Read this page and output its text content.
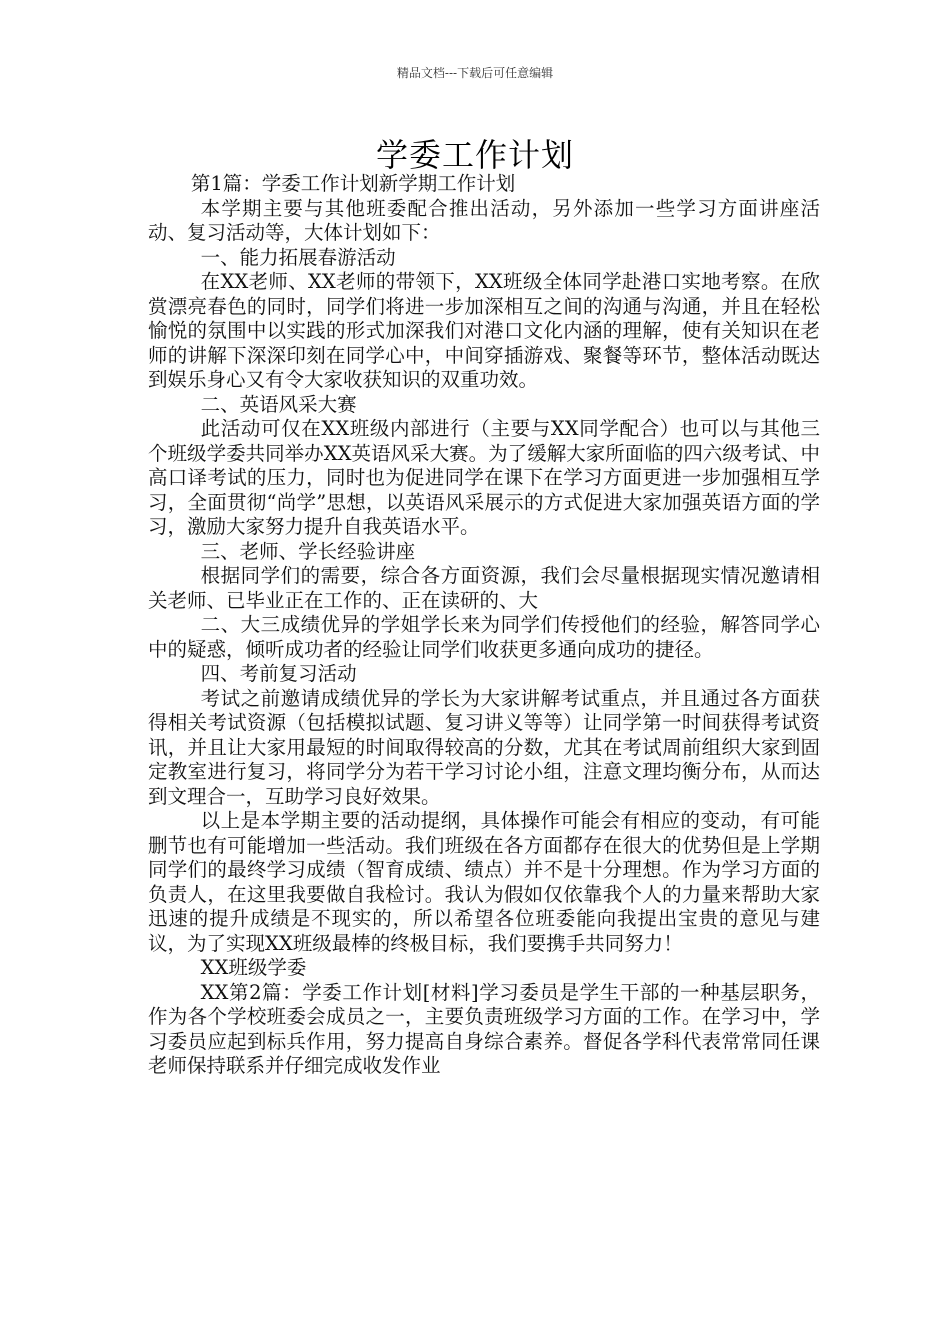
精品文档---下载后可任意编辑
学委工作计划

第1篇：学委工作计划新学期工作计划

本学期主要与其他班委配合推出活动，另外添加一些学习方面讲座活动、复习活动等，大体计划如下：

一、能力拓展春游活动

在XX老师、XX老师的带领下，XX班级全体同学赴港口实地考察。在欣赏漂亮春色的同时，同学们将进一步加深相互之间的沟通与沟通，并且在轻松愉悦的氛围中以实践的形式加深我们对港口文化内涵的理解，使有关知识在老师的讲解下深深印刻在同学心中，中间穿插游戏、聚餐等环节，整体活动既达到娱乐身心又有令大家收获知识的双重功效。

二、英语风采大赛

此活动可仅在XX班级内部进行（主要与XX同学配合）也可以与其他三个班级学委共同举办XX英语风采大赛。为了缓解大家所面临的四六级考试、中高口译考试的压力，同时也为促进同学在课下在学习方面更进一步加强相互学习，全面贯彻“尚学”思想，以英语风采展示的方式促进大家加强英语方面的学习，激励大家努力提升自我英语水平。

三、老师、学长经验讲座

根据同学们的需要，综合各方面资源，我们会尽量根据现实情况邀请相关老师、已毕业正在工作的、正在读研的、大

二、大三成绩优异的学姐学长来为同学们传授他们的经验，解答同学心中的疑惑，倾听成功者的经验让同学们收获更多通向成功的捷径。

四、考前复习活动

考试之前邀请成绩优异的学长为大家讲解考试重点，并且通过各方面获得相关考试资源（包括模拟试题、复习讲义等等）让同学第一时间获得考试资讯，并且让大家用最短的时间取得较高的分数，尤其在考试周前组织大家到固定教室进行复习，将同学分为若干学习讨论小组，注意文理均衡分布，从而达到文理合一，互助学习良好效果。

以上是本学期主要的活动提纲，具体操作可能会有相应的变动，有可能删节也有可能增加一些活动。我们班级在各方面都存在很大的优势但是上学期同学们的最终学习成绩（智育成绩、绩点）并不是十分理想。作为学习方面的负责人，在这里我要做自我检讨。我认为假如仅依靠我个人的力量来帮助大家迅速的提升成绩是不现实的，所以希望各位班委能向我提出宝贵的意见与建议，为了实现XX班级最棒的终极目标，我们要携手共同努力！

XX班级学委

XX第2篇：学委工作计划[材料]学习委员是学生干部的一种基层职务，作为各个学校班委会成员之一，主要负责班级学习方面的工作。在学习中，学习委员应起到标兵作用，努力提高自身综合素养。督促各学科代表常常同任课老师保持联系并仔细完成收发作业
